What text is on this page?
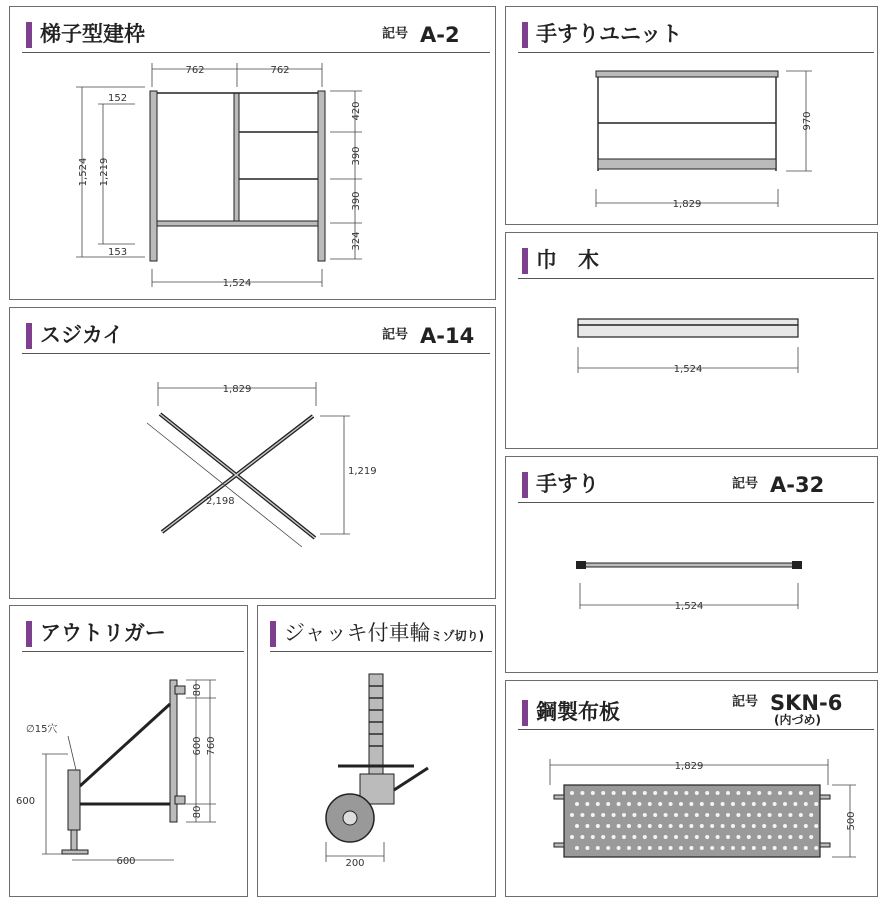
梯子型建枠	記号 A-2
762	762
1,524 1,219
152
153
420
390
390
324
1,524
スジカイ	記号 A-14
1,829
1,219
2,198
アウトリガー
∅15穴
600
600
80
600 760
80
ジャッキ付車輪ミゾ切り)
200
手すりユニット
970
1,829
巾　木
1,524
手すり	記号 A-32
1,524
鋼製布板	記号 SKN-6
(内づめ)
1,829
500
